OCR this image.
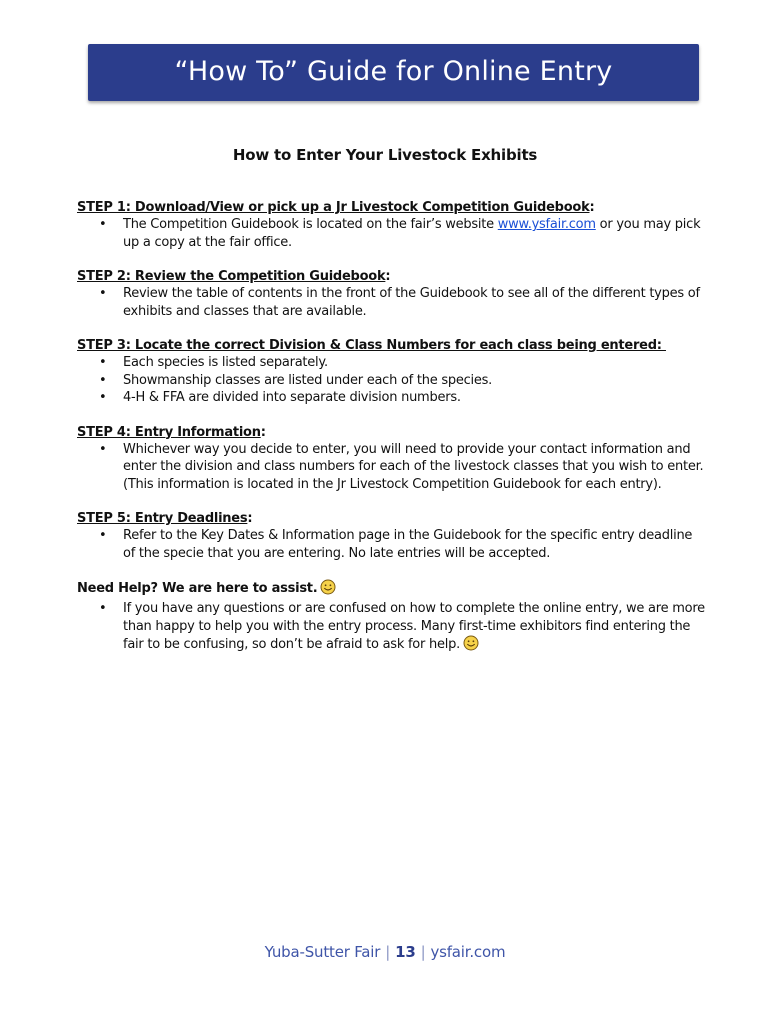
“How To” Guide for Online Entry
How to Enter Your Livestock Exhibits
STEP 1: Download/View or pick up a Jr Livestock Competition Guidebook:
• The Competition Guidebook is located on the fair’s website www.ysfair.com or you may pick up a copy at the fair office.
STEP 2: Review the Competition Guidebook:
• Review the table of contents in the front of the Guidebook to see all of the different types of exhibits and classes that are available.
STEP 3: Locate the correct Division & Class Numbers for each class being entered:
• Each species is listed separately.
• Showmanship classes are listed under each of the species.
• 4-H & FFA are divided into separate division numbers.
STEP 4: Entry Information:
• Whichever way you decide to enter, you will need to provide your contact information and enter the division and class numbers for each of the livestock classes that you wish to enter. (This information is located in the Jr Livestock Competition Guidebook for each entry).
STEP 5: Entry Deadlines:
• Refer to the Key Dates & Information page in the Guidebook for the specific entry deadline of the specie that you are entering. No late entries will be accepted.
Need Help? We are here to assist.
• If you have any questions or are confused on how to complete the online entry, we are more than happy to help you with the entry process. Many first-time exhibitors find entering the fair to be confusing, so don’t be afraid to ask for help.
Yuba-Sutter Fair | 13 | ysfair.com
